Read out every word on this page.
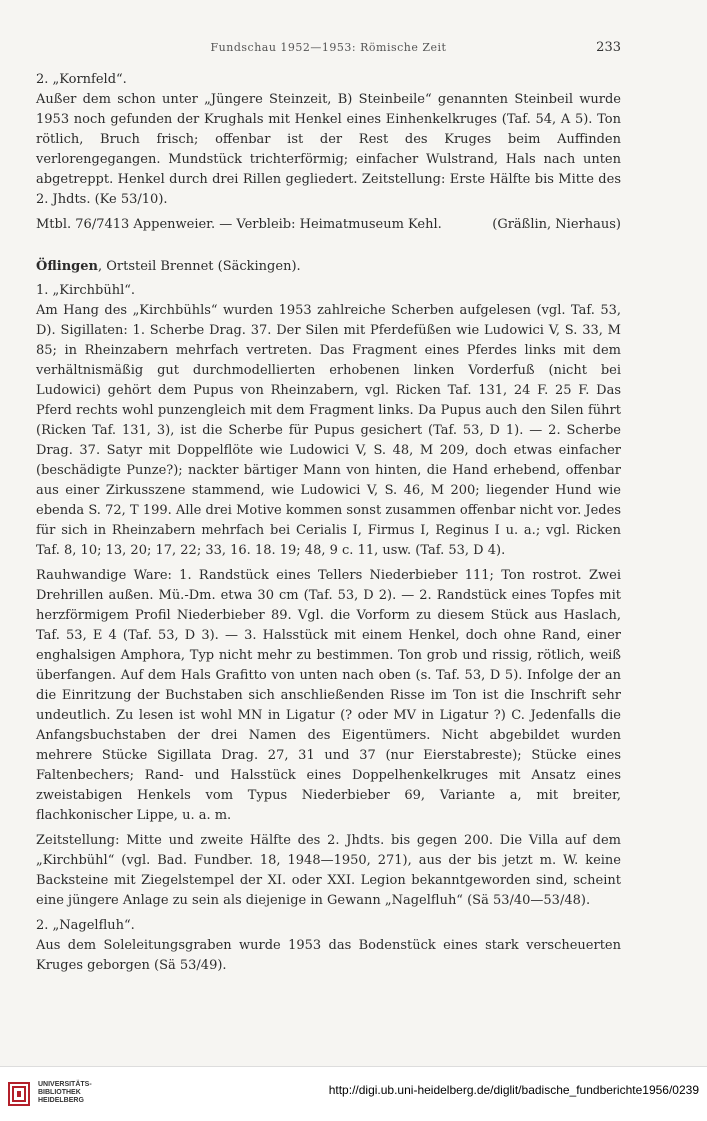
Fundschau 1952—1953: Römische Zeit	233

2. „Kornfeld“.

Außer dem schon unter „Jüngere Steinzeit, B) Steinbeile“ genannten Steinbeil wurde 1953 noch gefunden der Krughals mit Henkel eines Einhenkelkruges (Taf. 54, A 5). Ton rötlich, Bruch frisch; offenbar ist der Rest des Kruges beim Auffinden verlorengegangen. Mundstück trichterförmig; einfacher Wulstrand, Hals nach unten abgetreppt. Henkel durch drei Rillen gegliedert. Zeitstellung: Erste Hälfte bis Mitte des 2. Jhdts. (Ke 53/10).

Mtbl. 76/7413 Appenweier. — Verbleib: Heimatmuseum Kehl.	(Gräßlin, Nierhaus)

Öflingen, Ortsteil Brennet (Säckingen).

1. „Kirchbühl“.

Am Hang des „Kirchbühls“ wurden 1953 zahlreiche Scherben aufgelesen (vgl. Taf. 53, D). Sigillaten: 1. Scherbe Drag. 37. Der Silen mit Pferdefüßen wie Ludowici V, S. 33, M 85; in Rheinzabern mehrfach vertreten. Das Fragment eines Pferdes links mit dem verhältnismäßig gut durchmodellierten erhobenen linken Vorderfuß (nicht bei Ludowici) gehört dem Pupus von Rheinzabern, vgl. Ricken Taf. 131, 24 F. 25 F. Das Pferd rechts wohl punzengleich mit dem Fragment links. Da Pupus auch den Silen führt (Ricken Taf. 131, 3), ist die Scherbe für Pupus gesichert (Taf. 53, D 1). — 2. Scherbe Drag. 37. Satyr mit Doppelflöte wie Ludowici V, S. 48, M 209, doch etwas einfacher (beschädigte Punze?); nackter bärtiger Mann von hinten, die Hand erhebend, offenbar aus einer Zirkusszene stammend, wie Ludowici V, S. 46, M 200; liegender Hund wie ebenda S. 72, T 199. Alle drei Motive kommen sonst zusammen offenbar nicht vor. Jedes für sich in Rheinzabern mehrfach bei Cerialis I, Firmus I, Reginus I u. a.; vgl. Ricken Taf. 8, 10; 13, 20; 17, 22; 33, 16. 18. 19; 48, 9 c. 11, usw. (Taf. 53, D 4).

Rauhwandige Ware: 1. Randstück eines Tellers Niederbieber 111; Ton rostrot. Zwei Drehrillen außen. Mü.-Dm. etwa 30 cm (Taf. 53, D 2). — 2. Randstück eines Topfes mit herzförmigem Profil Niederbieber 89. Vgl. die Vorform zu diesem Stück aus Haslach, Taf. 53, E 4 (Taf. 53, D 3). — 3. Halsstück mit einem Henkel, doch ohne Rand, einer enghalsigen Amphora, Typ nicht mehr zu bestimmen. Ton grob und rissig, rötlich, weiß überfangen. Auf dem Hals Grafitto von unten nach oben (s. Taf. 53, D 5). Infolge der an die Einritzung der Buchstaben sich anschließenden Risse im Ton ist die Inschrift sehr undeutlich. Zu lesen ist wohl MN in Ligatur (? oder MV in Ligatur ?) C. Jedenfalls die Anfangsbuchstaben der drei Namen des Eigentümers. Nicht abgebildet wurden mehrere Stücke Sigillata Drag. 27, 31 und 37 (nur Eierstabreste); Stücke eines Faltenbechers; Rand- und Halsstück eines Doppelhenkelkruges mit Ansatz eines zweistabigen Henkels vom Typus Niederbieber 69, Variante a, mit breiter, flachkonischer Lippe, u. a. m.

Zeitstellung: Mitte und zweite Hälfte des 2. Jhdts. bis gegen 200. Die Villa auf dem „Kirchbühl“ (vgl. Bad. Fundber. 18, 1948—1950, 271), aus der bis jetzt m. W. keine Backsteine mit Ziegelstempel der XI. oder XXI. Legion bekanntgeworden sind, scheint eine jüngere Anlage zu sein als diejenige in Gewann „Nagelfluh“ (Sä 53/40—53/48).

2. „Nagelfluh“.

Aus dem Soleleitungsgraben wurde 1953 das Bodenstück eines stark verscheuerten Kruges geborgen (Sä 53/49).

UNIVERSITÄTS-
BIBLIOTHEK
HEIDELBERG
http://digi.ub.uni-heidelberg.de/diglit/badische_fundberichte1956/0239
